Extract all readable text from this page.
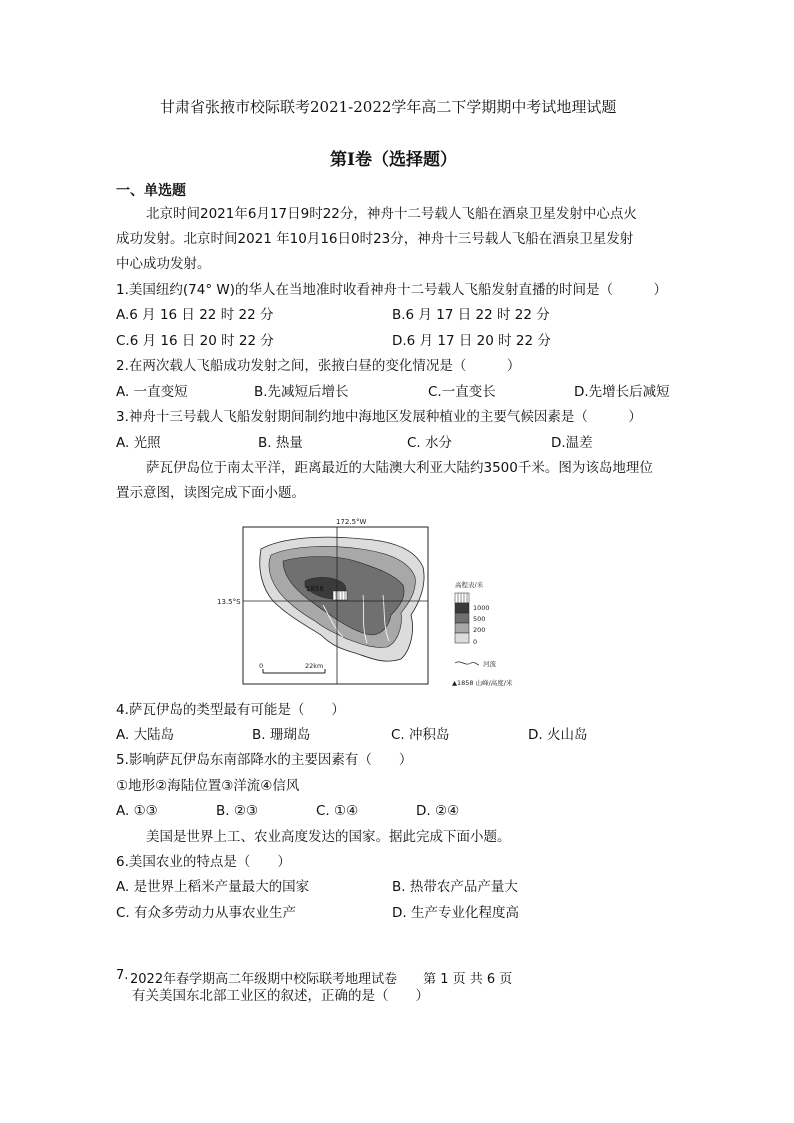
甘肃省张掖市校际联考2021-2022学年高二下学期期中考试地理试题
第Ⅰ卷（选择题）
一、单选题
北京时间2021年6月17日9时22分，神舟十二号载人飞船在酒泉卫星发射中心点火
成功发射。北京时间2021 年10月16日0时23分，神舟十三号载人飞船在酒泉卫星发射
中心成功发射。
1.美国纽约(74° W)的华人在当地准时收看神舟十二号载人飞船发射直播的时间是（　　　）
A.6 月 16 日 22 时 22 分	B.6 月 17 日 22 时 22 分
C.6 月 16 日 20 时 22 分	D.6 月 17 日 20 时 22 分
2.在两次载人飞船成功发射之间，张掖白昼的变化情况是（　　　）
A. 一直变短	B.先减短后增长	C.一直变长	D.先增长后减短
3.神舟十三号载人飞船发射期间制约地中海地区发展种植业的主要气候因素是（　　　）
A. 光照	B. 热量	C. 水分	D.温差
萨瓦伊岛位于南太平洋，距离最近的大陆澳大利亚大陆约3500千米。图为该岛地理位
置示意图，读图完成下面小题。
172.5°W
1858
13.5°S
0	22km
高程表/米
1000
500
200
0
河流
▲1858 山峰/高度/米
4.萨瓦伊岛的类型最有可能是（　　）
A. 大陆岛	B. 珊瑚岛	C. 冲积岛	D. 火山岛
5.影响萨瓦伊岛东南部降水的主要因素有（　　）
①地形②海陆位置③洋流④信风
A. ①③	B. ②③	C. ①④	D. ②④
美国是世界上工、农业高度发达的国家。据此完成下面小题。
6.美国农业的特点是（　　）
A. 是世界上稻米产量最大的国家	B. 热带农产品产量大
C. 有众多劳动力从事农业生产	D. 生产专业化程度高
7. 2022年春学期高二年级期中校际联考地理试卷　　第 1 页 共 6 页
有关美国东北部工业区的叙述，正确的是（　　）
